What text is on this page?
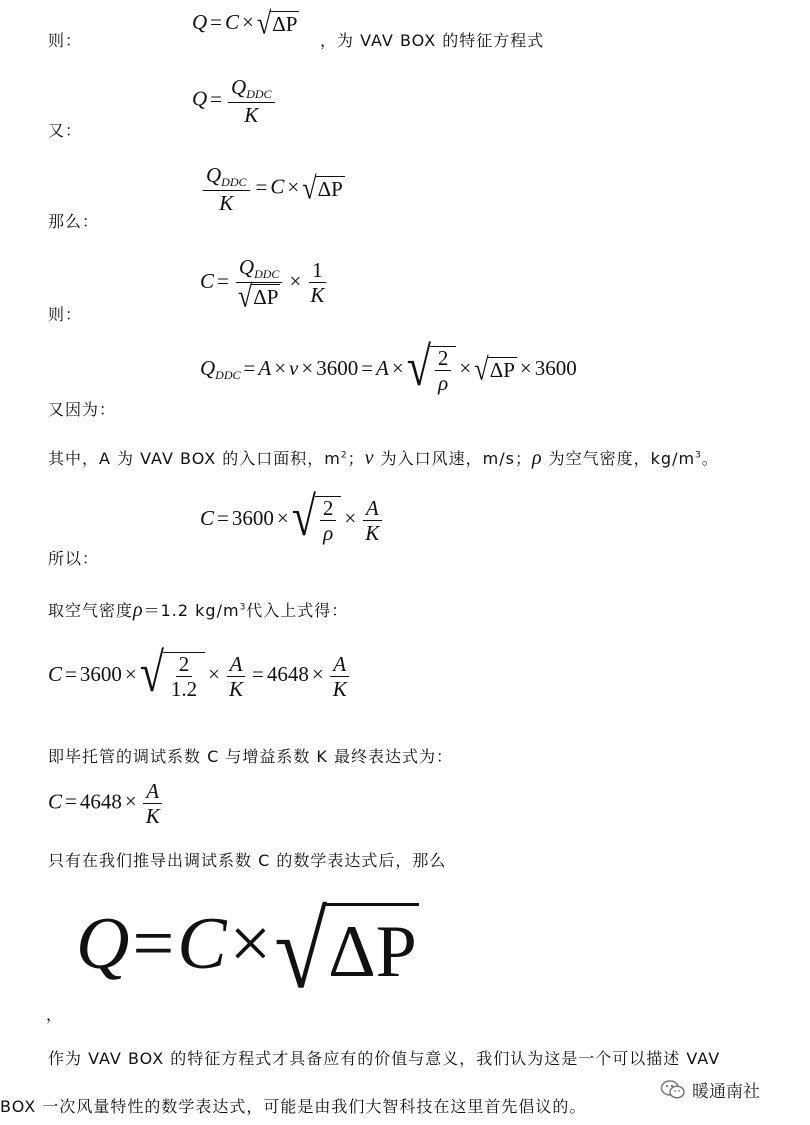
则：
Q = C × √ ΔP
，为 VAV BOX 的特征方程式
$Q = \frac{Q_{DDC}}{K}$
又：
$\frac{Q_{DDC}}{K} = C$ × √ ΔP
那么：
$C = \frac{Q_{DDC}}{√ \Delta P} \times \frac{1}{K}$
则：
$Q_{DDC} = A \times v \times 3600 = A$ × √ $\frac{2}{\rho}$ × √ ΔP × 3600
又因为：
其中，A 为 VAV BOX 的入口面积，$m^2$；v 为入口风速，m/s；ρ 为空气密度，$kg/m^3$。
C = 3600 × √ $\frac{2}{\rho} \times \frac{A}{K}$
所以：
取空气密度ρ＝1.2 $kg/m^3$代入上式得：
C = 3600 × √ $\frac{2}{1.2} \times \frac{A}{K} = 4648 \times \frac{A}{K}$
即毕托管的调试系数 C 与增益系数 K 最终表达式为：
$C = 4648 \times \frac{A}{K}$
只有在我们推导出调试系数 C 的数学表达式后，那么
Q=C× √ ΔP
，
作为 VAV BOX 的特征方程式才具备应有的价值与意义，我们认为这是一个可以描述 VAV
BOX 一次风量特性的数学表达式，可能是由我们大智科技在这里首先倡议的。
暖通南社
